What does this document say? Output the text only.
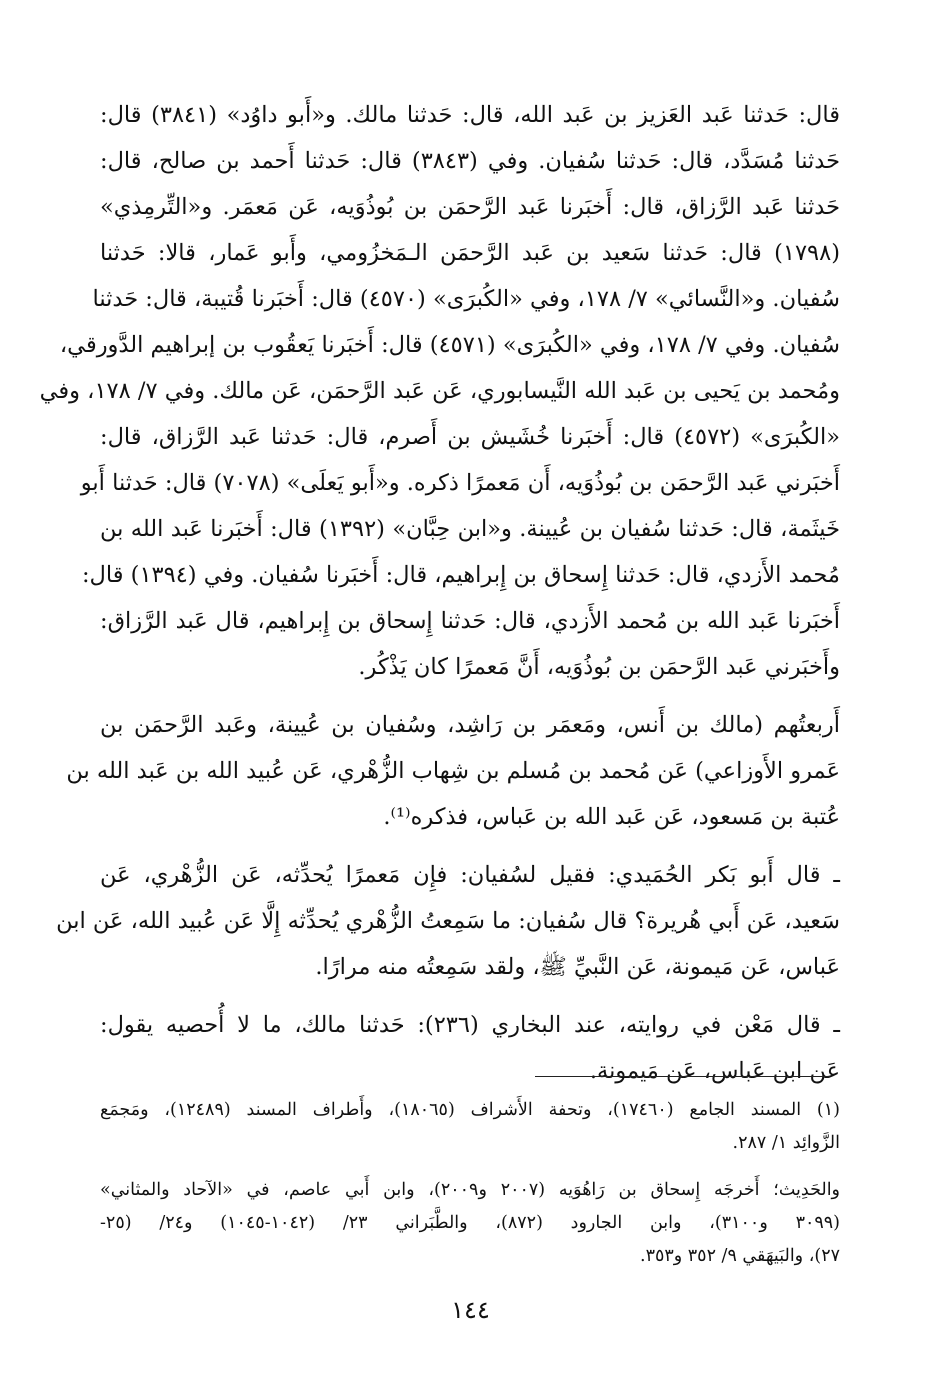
قال: حَدثنا عَبد العَزيز بن عَبد الله، قال: حَدثنا مالك. و«أَبو داوُد» (٣٨٤١) قال:
حَدثنا مُسَدَّد، قال: حَدثنا سُفيان. وفي (٣٨٤٣) قال: حَدثنا أَحمد بن صالح، قال:
حَدثنا عَبد الرَّزاق، قال: أَخبَرنا عَبد الرَّحمَن بن بُوذُوَيه، عَن مَعمَر. و«التِّرمِذي»
(١٧٩٨) قال: حَدثنا سَعيد بن عَبد الرَّحمَن الـمَخزُومي، وأَبو عَمار، قالا: حَدثنا
سُفيان. و«النَّسائي» ٧/ ١٧٨، وفي «الكُبرَى» (٤٥٧٠) قال: أَخبَرنا قُتيبة، قال: حَدثنا
سُفيان. وفي ٧/ ١٧٨، وفي «الكُبرَى» (٤٥٧١) قال: أَخبَرنا يَعقُوب بن إبراهيم الدَّورقي،
ومُحمد بن يَحيى بن عَبد الله النَّيسابوري، عَن عَبد الرَّحمَن، عَن مالك. وفي ٧/ ١٧٨، وفي
«الكُبرَى» (٤٥٧٢) قال: أَخبَرنا خُشَيش بن أَصرم، قال: حَدثنا عَبد الرَّزاق، قال:
أَخبَرني عَبد الرَّحمَن بن بُوذُوَيه، أَن مَعمرًا ذكره. و«أَبو يَعلَى» (٧٠٧٨) قال: حَدثنا أَبو
خَيثَمة، قال: حَدثنا سُفيان بن عُيينة. و«ابن حِبَّان» (١٣٩٢) قال: أَخبَرنا عَبد الله بن
مُحمد الأَزدي، قال: حَدثنا إِسحاق بن إِبراهيم، قال: أَخبَرنا سُفيان. وفي (١٣٩٤) قال:
أَخبَرنا عَبد الله بن مُحمد الأَزدي، قال: حَدثنا إِسحاق بن إِبراهيم، قال عَبد الرَّزاق:
وأَخبَرني عَبد الرَّحمَن بن بُوذُوَيه، أَنَّ مَعمرًا كان يَذْكُر.
أَربعتُهم (مالك بن أَنس، ومَعمَر بن رَاشِد، وسُفيان بن عُيينة، وعَبد الرَّحمَن بن
عَمرو الأَوزاعي) عَن مُحمد بن مُسلم بن شِهاب الزُّهْري، عَن عُبيد الله بن عَبد الله بن
عُتبة بن مَسعود، عَن عَبد الله بن عَباس، فذكره⁽¹⁾.
ـ قال أَبو بَكر الحُمَيدي: فقيل لسُفيان: فإِن مَعمرًا يُحدِّثه، عَن الزُّهْري، عَن
سَعيد، عَن أَبي هُريرة؟ قال سُفيان: ما سَمِعتُ الزُّهْري يُحدِّثه إِلَّا عَن عُبيد الله، عَن ابن
عَباس، عَن مَيمونة، عَن النَّبيِّ ﷺ، ولقد سَمِعتُه منه مرارًا.
ـ قال مَعْن في روايته، عند البخاري (٢٣٦): حَدثنا مالك، ما لا أُحصيه يقول:
عَن ابن عَباس، عَن مَيمونة.
(١) المسند الجامع (١٧٤٦٠)، وتحفة الأَشراف (١٨٠٦٥)، وأَطراف المسند (١٢٤٨٩)، ومَجمَع
الزَّوائِد ١/ ٢٨٧.
والحَدِيث؛ أَخرجَه إِسحاق بن رَاهُوَيه (٢٠٠٧ و٢٠٠٩)، وابن أَبي عاصم، في «الآحاد والمثاني»
(٣٠٩٩ و٣١٠٠)، وابن الجارود (٨٧٢)، والطَّبَراني ٢٣/ (١٠٤٢-١٠٤٥) و٢٤/ (٢٥-
٢٧)، والبَيهَقي ٩/ ٣٥٢ و٣٥٣.
١٤٤
